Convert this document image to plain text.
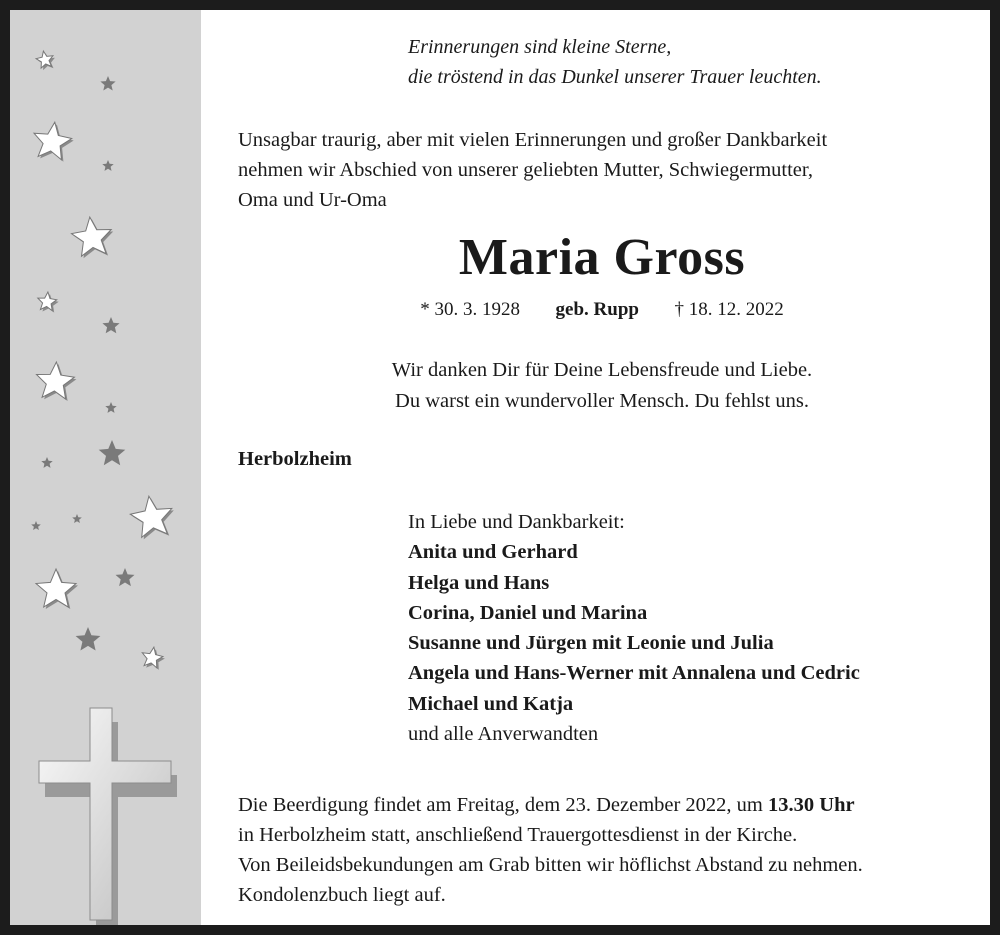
Erinnerungen sind kleine Sterne,
die tröstend in das Dunkel unserer Trauer leuchten.
Unsagbar traurig, aber mit vielen Erinnerungen und großer Dankbarkeit
nehmen wir Abschied von unserer geliebten Mutter, Schwiegermutter,
Oma und Ur-Oma
Maria Gross
* 30. 3. 1928 geb. Rupp † 18. 12. 2022
Wir danken Dir für Deine Lebensfreude und Liebe.
Du warst ein wundervoller Mensch. Du fehlst uns.
Herbolzheim
In Liebe und Dankbarkeit:
Anita und Gerhard
Helga und Hans
Corina, Daniel und Marina
Susanne und Jürgen mit Leonie und Julia
Angela und Hans-Werner mit Annalena und Cedric
Michael und Katja
und alle Anverwandten
Die Beerdigung findet am Freitag, dem 23. Dezember 2022, um 13.30 Uhr
in Herbolzheim statt, anschließend Trauergottesdienst in der Kirche.
Von Beileidsbekundungen am Grab bitten wir höflichst Abstand zu nehmen.
Kondolenzbuch liegt auf.
